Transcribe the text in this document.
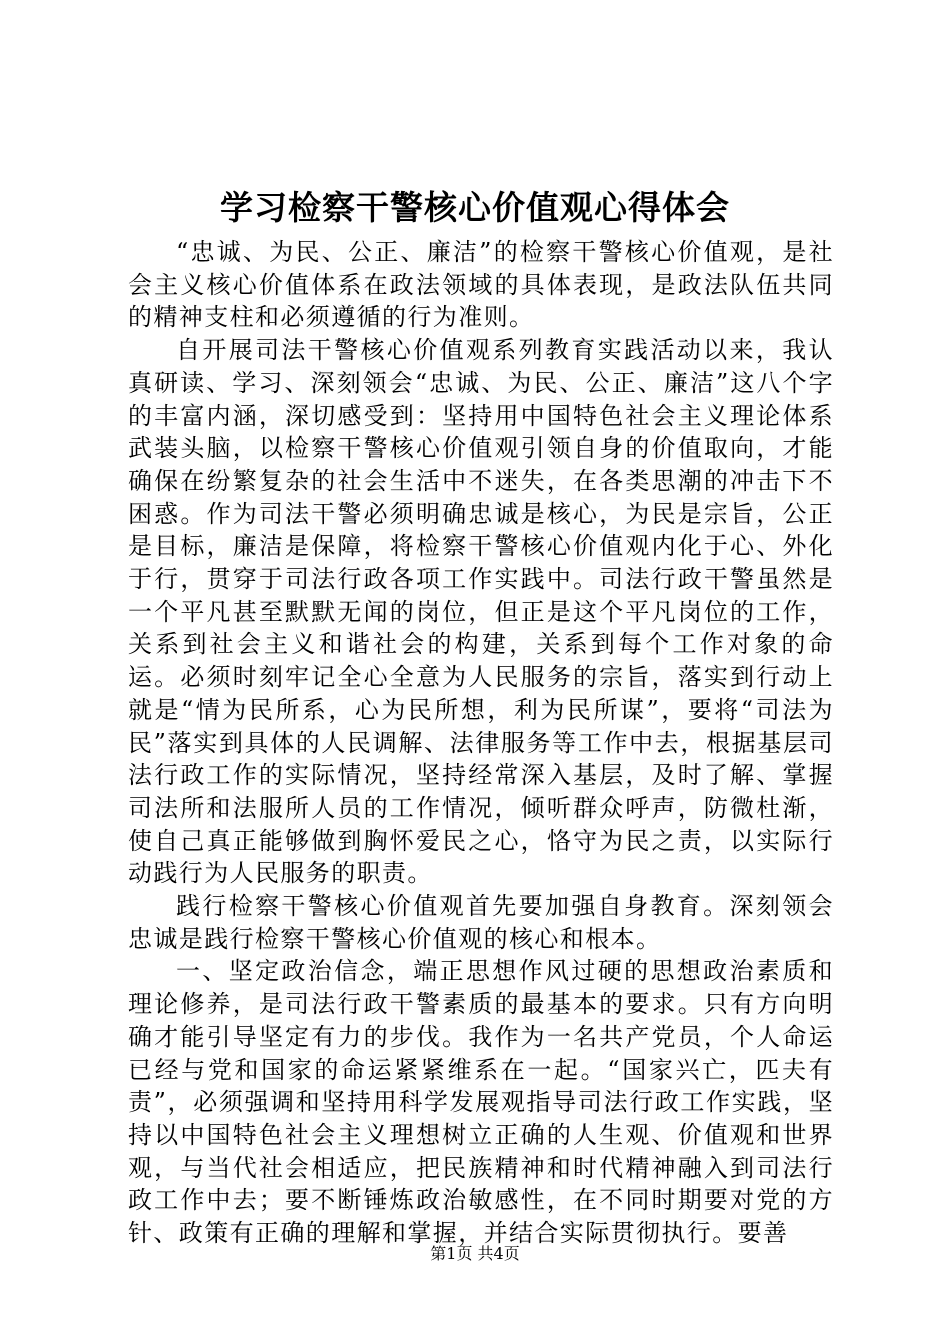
学习检察干警核心价值观心得体会

“忠诚、为民、公正、廉洁”的检察干警核心价值观，是社会主义核心价值体系在政法领域的具体表现，是政法队伍共同的精神支柱和必须遵循的行为准则。

自开展司法干警核心价值观系列教育实践活动以来，我认真研读、学习、深刻领会“忠诚、为民、公正、廉洁”这八个字的丰富内涵，深切感受到：坚持用中国特色社会主义理论体系武装头脑，以检察干警核心价值观引领自身的价值取向，才能确保在纷繁复杂的社会生活中不迷失，在各类思潮的冲击下不困惑。作为司法干警必须明确忠诚是核心，为民是宗旨，公正是目标，廉洁是保障，将检察干警核心价值观内化于心、外化于行，贯穿于司法行政各项工作实践中。司法行政干警虽然是一个平凡甚至默默无闻的岗位，但正是这个平凡岗位的工作，关系到社会主义和谐社会的构建，关系到每个工作对象的命运。必须时刻牢记全心全意为人民服务的宗旨，落实到行动上就是“情为民所系，心为民所想，利为民所谋”，要将“司法为民”落实到具体的人民调解、法律服务等工作中去，根据基层司法行政工作的实际情况，坚持经常深入基层，及时了解、掌握司法所和法服所人员的工作情况，倾听群众呼声，防微杜渐，使自己真正能够做到胸怀爱民之心，恪守为民之责，以实际行动践行为人民服务的职责。

践行检察干警核心价值观首先要加强自身教育。深刻领会忠诚是践行检察干警核心价值观的核心和根本。

一、坚定政治信念，端正思想作风过硬的思想政治素质和理论修养，是司法行政干警素质的最基本的要求。只有方向明确才能引导坚定有力的步伐。我作为一名共产党员，个人命运已经与党和国家的命运紧紧维系在一起。“国家兴亡，匹夫有责”，必须强调和坚持用科学发展观指导司法行政工作实践，坚持以中国特色社会主义理想树立正确的人生观、价值观和世界观，与当代社会相适应，把民族精神和时代精神融入到司法行政工作中去；要不断锤炼政治敏感性，在不同时期要对党的方针、政策有正确的理解和掌握，并结合实际贯彻执行。要善

第1页 共4页
